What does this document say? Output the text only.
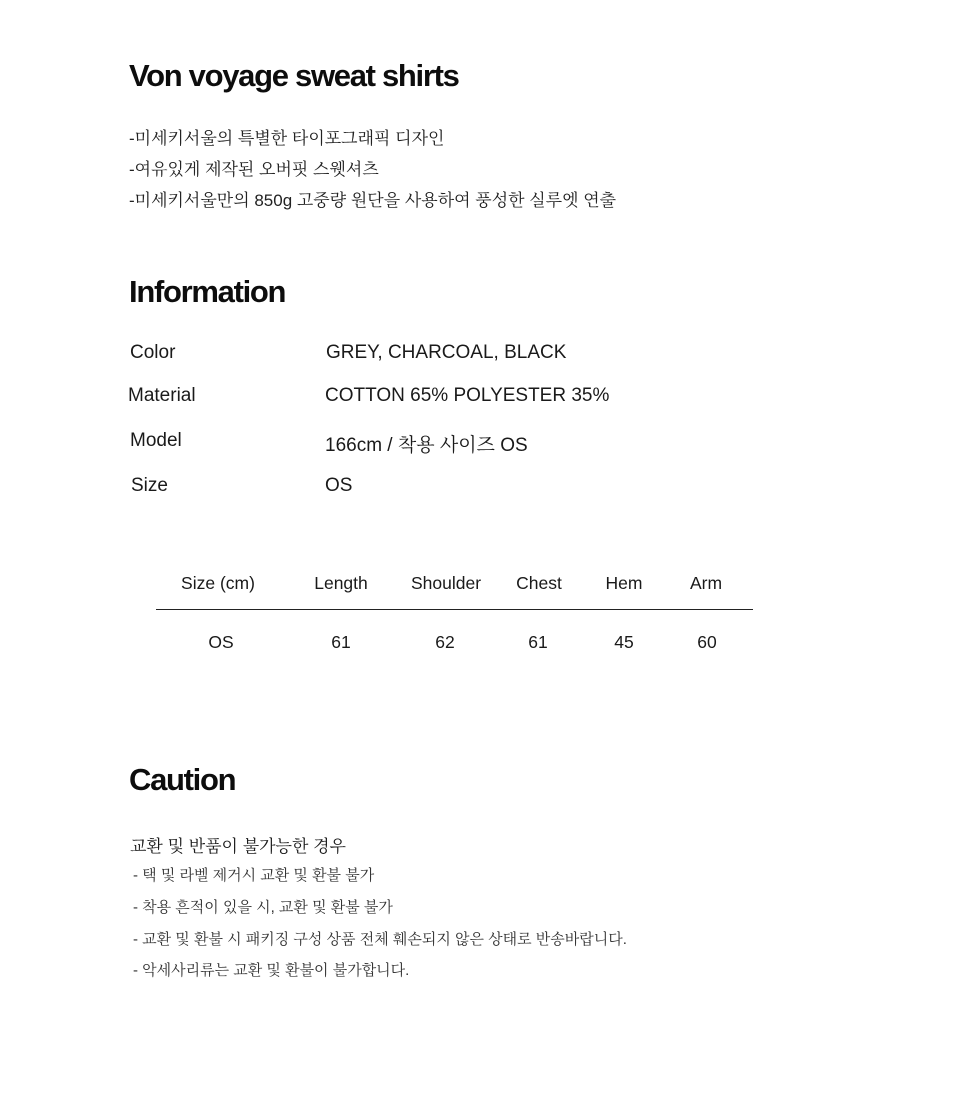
Von voyage sweat shirts
-미세키서울의 특별한 타이포그래픽 디자인
-여유있게 제작된 오버핏 스웻셔츠
-미세키서울만의 850g 고중량 원단을 사용하여 풍성한 실루엣 연출
Information
Color	GREY, CHARCOAL, BLACK
Material	COTTON 65% POLYESTER 35%
Model	166cm / 착용 사이즈 OS
Size	OS
Size (cm)	Length	Shoulder	Chest	Hem	Arm
OS	61	62	61	45	60
Caution
교환 및 반품이 불가능한 경우
- 택 및 라벨 제거시 교환 및 환불 불가
- 착용 흔적이 있을 시, 교환 및 환불 불가
- 교환 및 환불 시 패키징 구성 상품 전체 훼손되지 않은 상태로 반송바랍니다.
- 악세사리류는 교환 및 환불이 불가합니다.
